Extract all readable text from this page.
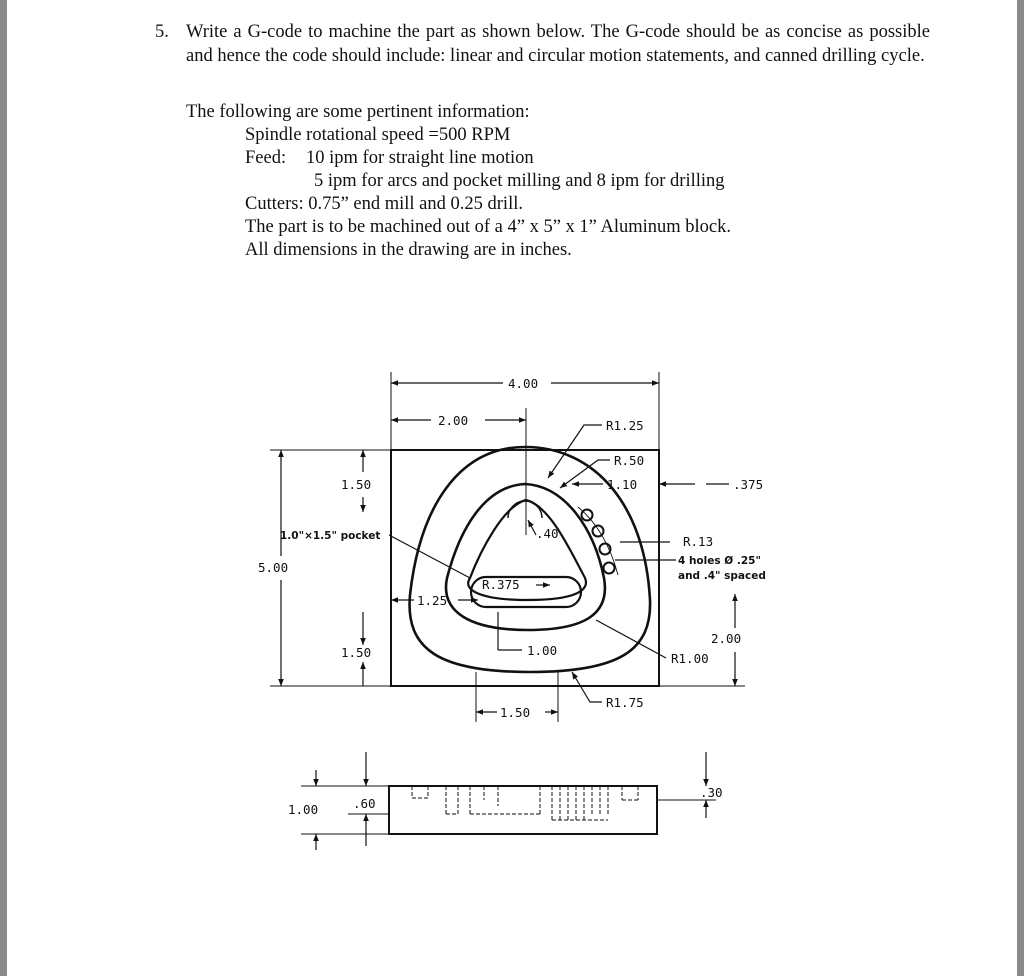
5. Write a G-code to machine the part as shown below. The G-code should be as concise as possible and hence the code should include: linear and circular motion statements, and canned drilling cycle.

The following are some pertinent information:
Spindle rotational speed =500 RPM
Feed: 10 ipm for straight line motion
5 ipm for arcs and pocket milling and 8 ipm for drilling
Cutters: 0.75” end mill and 0.25 drill.
The part is to be machined out of a 4” x 5” x 1” Aluminum block.
All dimensions in the drawing are in inches.
4.00
2.00	R1.25
R.50
1.10	.375
1.50
1.0"×1.5" pocket
5.00
.40
R.13
4 holes Ø .25"
and .4" spaced
R.375
1.25
2.00
R1.00
1.50	1.00
R1.75
1.50
1.00	.60
.30
